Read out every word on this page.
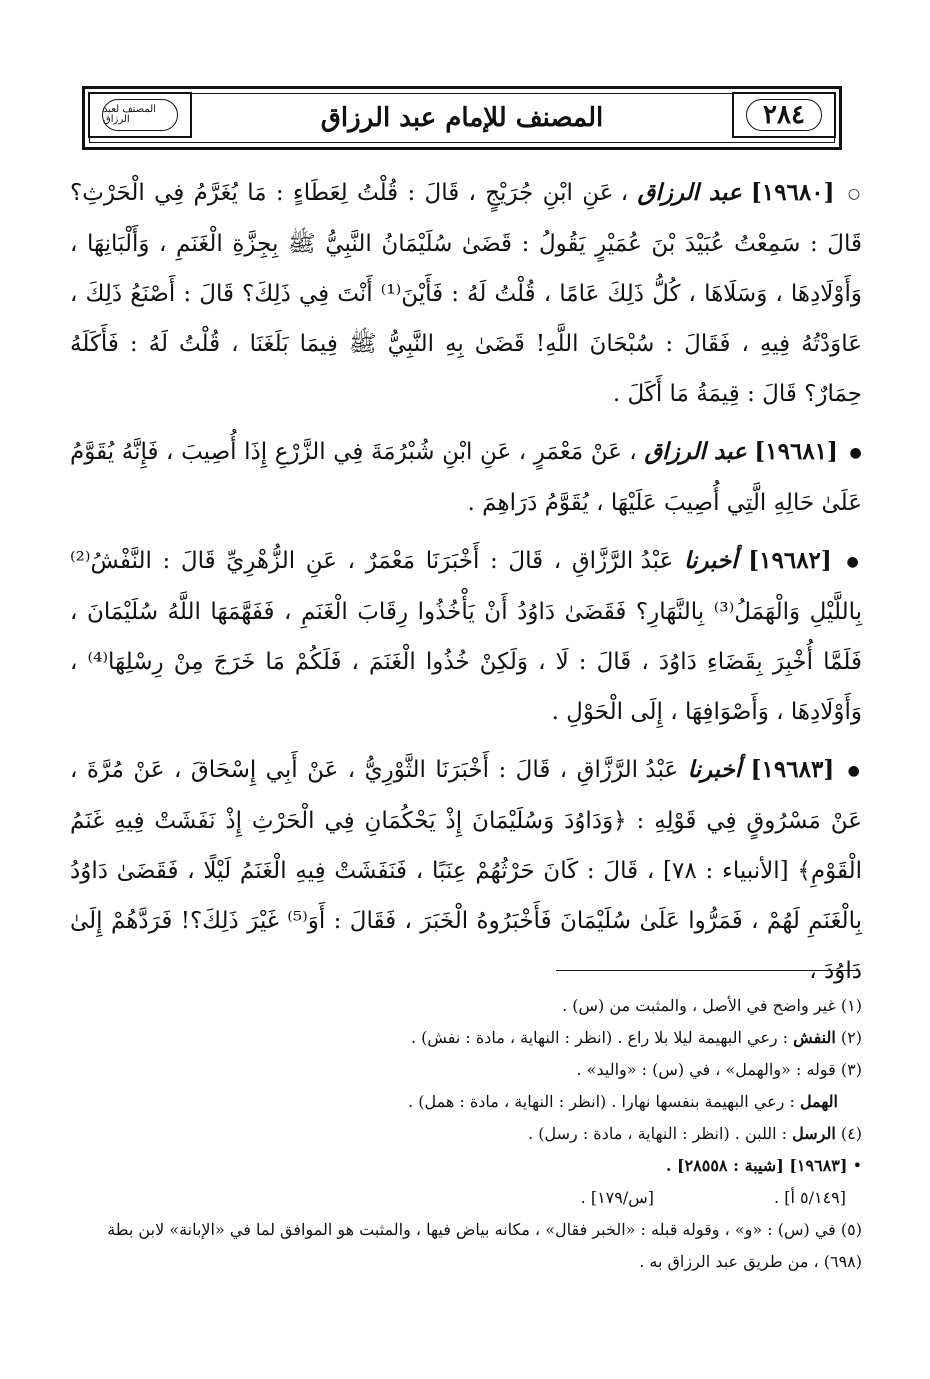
المصنف لعبد الرزاق	المصنف للإمام عبد الرزاق	٢٨٤

○ [١٩٦٨٠] عبد الرزاق ، عَنِ ابْنِ جُرَيْجٍ ، قَالَ : قُلْتُ لِعَطَاءٍ : مَا يُغَرَّمُ فِي الْحَرْثِ؟ قَالَ : سَمِعْتُ عُبَيْدَ بْنَ عُمَيْرٍ يَقُولُ : قَضَىٰ سُلَيْمَانُ النَّبِيُّ ﷺ بِجِزَّةِ الْغَنَمِ ، وَأَلْبَانِهَا ، وَأَوْلَادِهَا ، وَسَلَاهَا ، كُلُّ ذَلِكَ عَامًا ، قُلْتُ لَهُ : فَأَيْنَ⁽¹⁾ أَنْتَ فِي ذَلِكَ؟ قَالَ : أَصْنَعُ ذَلِكَ ، عَاوَدْتُهُ فِيهِ ، فَقَالَ : سُبْحَانَ اللَّهِ! قَضَىٰ بِهِ النَّبِيُّ ﷺ فِيمَا بَلَغَنَا ، قُلْتُ لَهُ : فَأَكَلَهُ حِمَارٌ؟ قَالَ : قِيمَةُ مَا أَكَلَ .

● [١٩٦٨١] عبد الرزاق ، عَنْ مَعْمَرٍ ، عَنِ ابْنِ شُبْرُمَةَ فِي الزَّرْعِ إِذَا أُصِيبَ ، فَإِنَّهُ يُقَوَّمُ عَلَىٰ حَالِهِ الَّتِي أُصِيبَ عَلَيْهَا ، يُقَوَّمُ دَرَاهِمَ .

● [١٩٦٨٢] أخبرنا عَبْدُ الرَّزَّاقِ ، قَالَ : أَخْبَرَنَا مَعْمَرٌ ، عَنِ الزُّهْرِيِّ قَالَ : النَّفْشُ⁽²⁾ بِاللَّيْلِ وَالْهَمَلُ⁽³⁾ بِالنَّهَارِ؟ فَقَضَىٰ دَاوُدُ أَنْ يَأْخُذُوا رِقَابَ الْغَنَمِ ، فَفَهَّمَهَا اللَّهُ سُلَيْمَانَ ، فَلَمَّا أُخْبِرَ بِقَضَاءِ دَاوُدَ ، قَالَ : لَا ، وَلَكِنْ خُذُوا الْغَنَمَ ، فَلَكُمْ مَا خَرَجَ مِنْ رِسْلِهَا⁽⁴⁾ ، وَأَوْلَادِهَا ، وَأَصْوَافِهَا ، إِلَى الْحَوْلِ .

● [١٩٦٨٣] أخبرنا عَبْدُ الرَّزَّاقِ ، قَالَ : أَخْبَرَنَا الثَّوْرِيُّ ، عَنْ أَبِي إِسْحَاقَ ، عَنْ مُرَّةَ ، عَنْ مَسْرُوقٍ فِي قَوْلِهِ : ﴿وَدَاوُدَ وَسُلَيْمَانَ إِذْ يَحْكُمَانِ فِي الْحَرْثِ إِذْ نَفَشَتْ فِيهِ غَنَمُ الْقَوْمِ﴾ [الأنبياء : ٧٨] ، قَالَ : كَانَ حَرْثُهُمْ عِنَبًا ، فَنَفَشَتْ فِيهِ الْغَنَمُ لَيْلًا ، فَقَضَىٰ دَاوُدُ بِالْغَنَمِ لَهُمْ ، فَمَرُّوا عَلَىٰ سُلَيْمَانَ فَأَخْبَرُوهُ الْخَبَرَ ، فَقَالَ : أَوَ⁽⁵⁾ غَيْرَ ذَلِكَ؟! فَرَدَّهُمْ إِلَىٰ دَاوُدَ ،

(١) غير واضح في الأصل ، والمثبت من (س) .

(٢) النفش : رعي البهيمة ليلا بلا راع . (انظر : النهاية ، مادة : نفش) .

(٣) قوله : «والهمل» ، في (س) : «واليد» .

الهمل : رعي البهيمة بنفسها نهارا . (انظر : النهاية ، مادة : همل) .

(٤) الرسل : اللبن . (انظر : النهاية ، مادة : رسل) .

• [١٩٦٨٣] [شيبة : ٢٨٥٥٨] .

[٥/١٤٩ أ] .
[س/١٧٩] .

(٥) في (س) : «و» ، وقوله قبله : «الخبر فقال» ، مكانه بياض فيها ، والمثبت هو الموافق لما في «الإبانة» لابن بطة (٦٩٨) ، من طريق عبد الرزاق به .
